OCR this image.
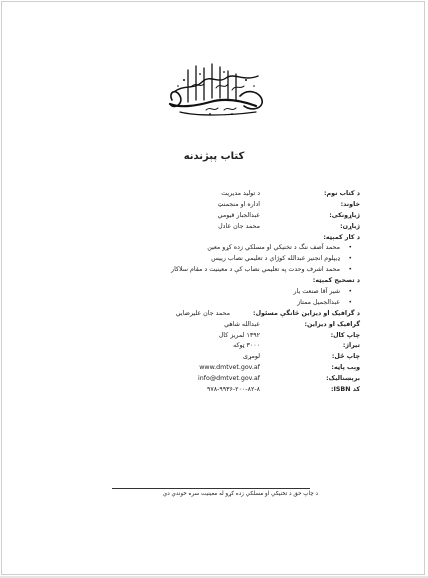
کتاب پېژندنه
د کتاب نوم:
د تولید مدیریت
خاوند:
اداره او منجمنټ
ژباړونکی:
عبدالجبار قیومي
ژباړن:
محمد جان عادل
د کار کمېټه:
• محمد آصف ننگ د تخنیکي او مسلکي زده کړو معین
• ډیپلوم انجنیر عبدالله کوژاي د تعلیمي نصاب رییس
• محمد اشرف وحدت په تعلیمي نصاب کې د معینیت د مقام سلاکار
د تصحیح کمېټه:
• شیر آقا صنعت یار
• عبدالجمیل ممتاز
د گرافیک او دیزاین څانگې مسئول:
محمد جان علیرضایي
گرافیک او دیزاین:
عبدالله شاهي
چاپ کال:
۱۳۹۲ لمریز کال
تیراژ:
۳۰۰۰ ټوکه
چاپ ځل:
لومړی
وېب پاڼه:
www.dmtvet.gov.af
برېښنالیک:
info@dmtvet.gov.af
کد ISBN:
۹۷۸-۹۹۳۶-۲۰۰-۸۲-۸
د چاپ حق د تخنیکي او مسلکي زده کړو له معینیت سره خوندي دي
